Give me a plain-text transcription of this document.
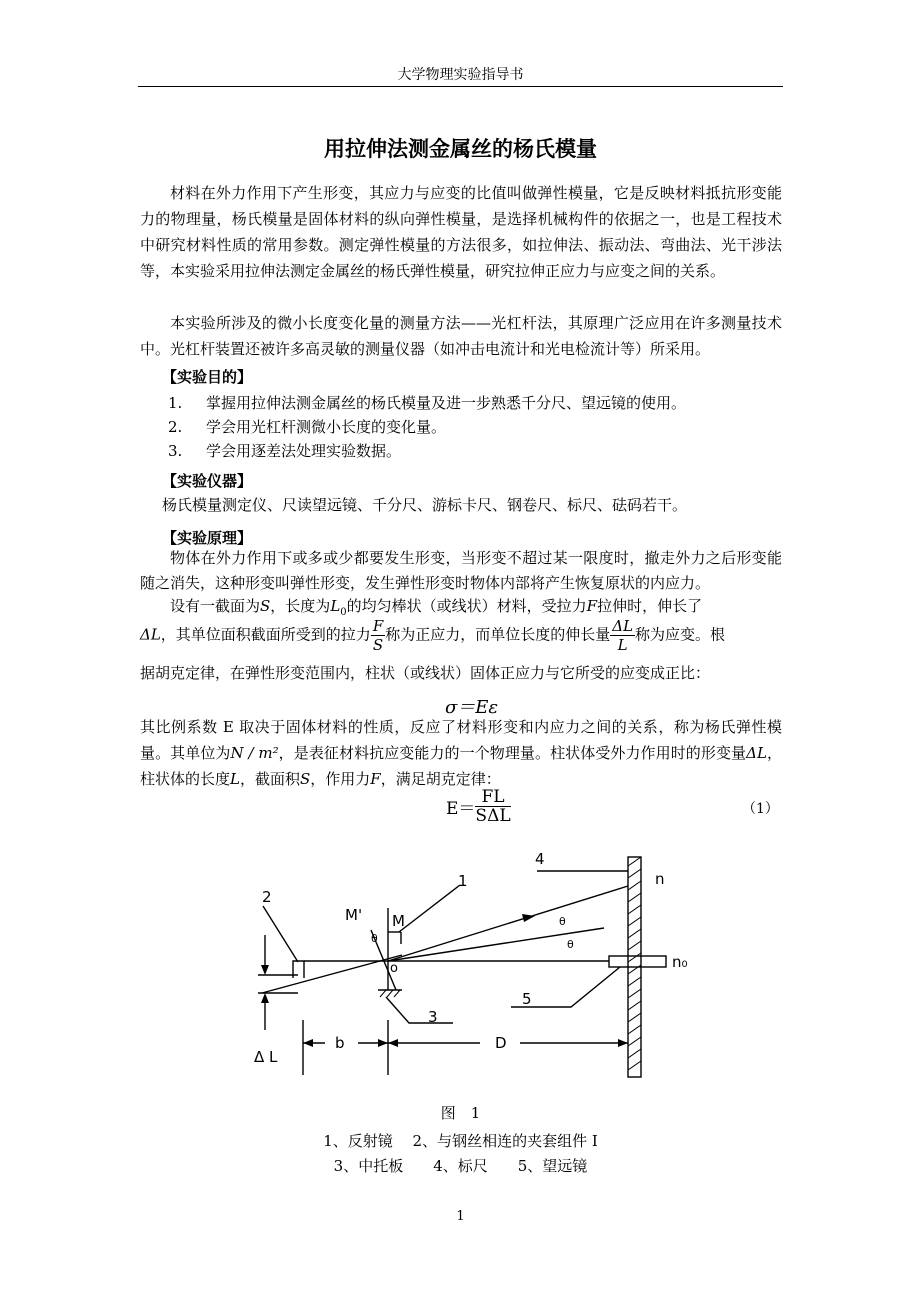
大学物理实验指导书
用拉伸法测金属丝的杨氏模量
材料在外力作用下产生形变，其应力与应变的比值叫做弹性模量，它是反映材料抵抗形变能力的物理量，杨氏模量是固体材料的纵向弹性模量，是选择机械构件的依据之一，也是工程技术中研究材料性质的常用参数。测定弹性模量的方法很多，如拉伸法、振动法、弯曲法、光干涉法等，本实验采用拉伸法测定金属丝的杨氏弹性模量，研究拉伸正应力与应变之间的关系。
本实验所涉及的微小长度变化量的测量方法——光杠杆法，其原理广泛应用在许多测量技术中。光杠杆装置还被许多高灵敏的测量仪器（如冲击电流计和光电检流计等）所采用。
【实验目的】
1. 掌握用拉伸法测金属丝的杨氏模量及进一步熟悉千分尺、望远镜的使用。
2. 学会用光杠杆测微小长度的变化量。
3. 学会用逐差法处理实验数据。
【实验仪器】
杨氏模量测定仪、尺读望远镜、千分尺、游标卡尺、钢卷尺、标尺、砝码若干。
【实验原理】
物体在外力作用下或多或少都要发生形变，当形变不超过某一限度时，撤走外力之后形变能随之消失，这种形变叫弹性形变，发生弹性形变时物体内部将产生恢复原状的内应力。
设有一截面为S，长度为$L_0$的均匀棒状（或线状）材料，受拉力F拉伸时，伸长了
ΔL，其单位面积截面所受到的拉力 $\frac{F}{S}$ 称为正应力，而单位长度的伸长量 $\frac{\Delta L}{L}$ 称为应变。根
据胡克定律，在弹性形变范围内，柱状（或线状）固体正应力与它所受的应变成正比：
σ＝Eε
其比例系数 E 取决于固体材料的性质，反应了材料形变和内应力之间的关系，称为杨氏弹性模量。其单位为N / m²，是表征材料抗应变能力的一个物理量。柱状体受外力作用时的形变量ΔL，柱状体的长度L，截面积S，作用力F，满足胡克定律：
$E= \frac{FL}{\text{SΔL}}$	（1）
4
n
n₀
1
2
M' M
o
3
5
b	D
Δ L
θ
θ
θ
图　1
1、反射镜　 2、与钢丝相连的夹套组件 I
3、中托板　　4、标尺　　5、望远镜
1
